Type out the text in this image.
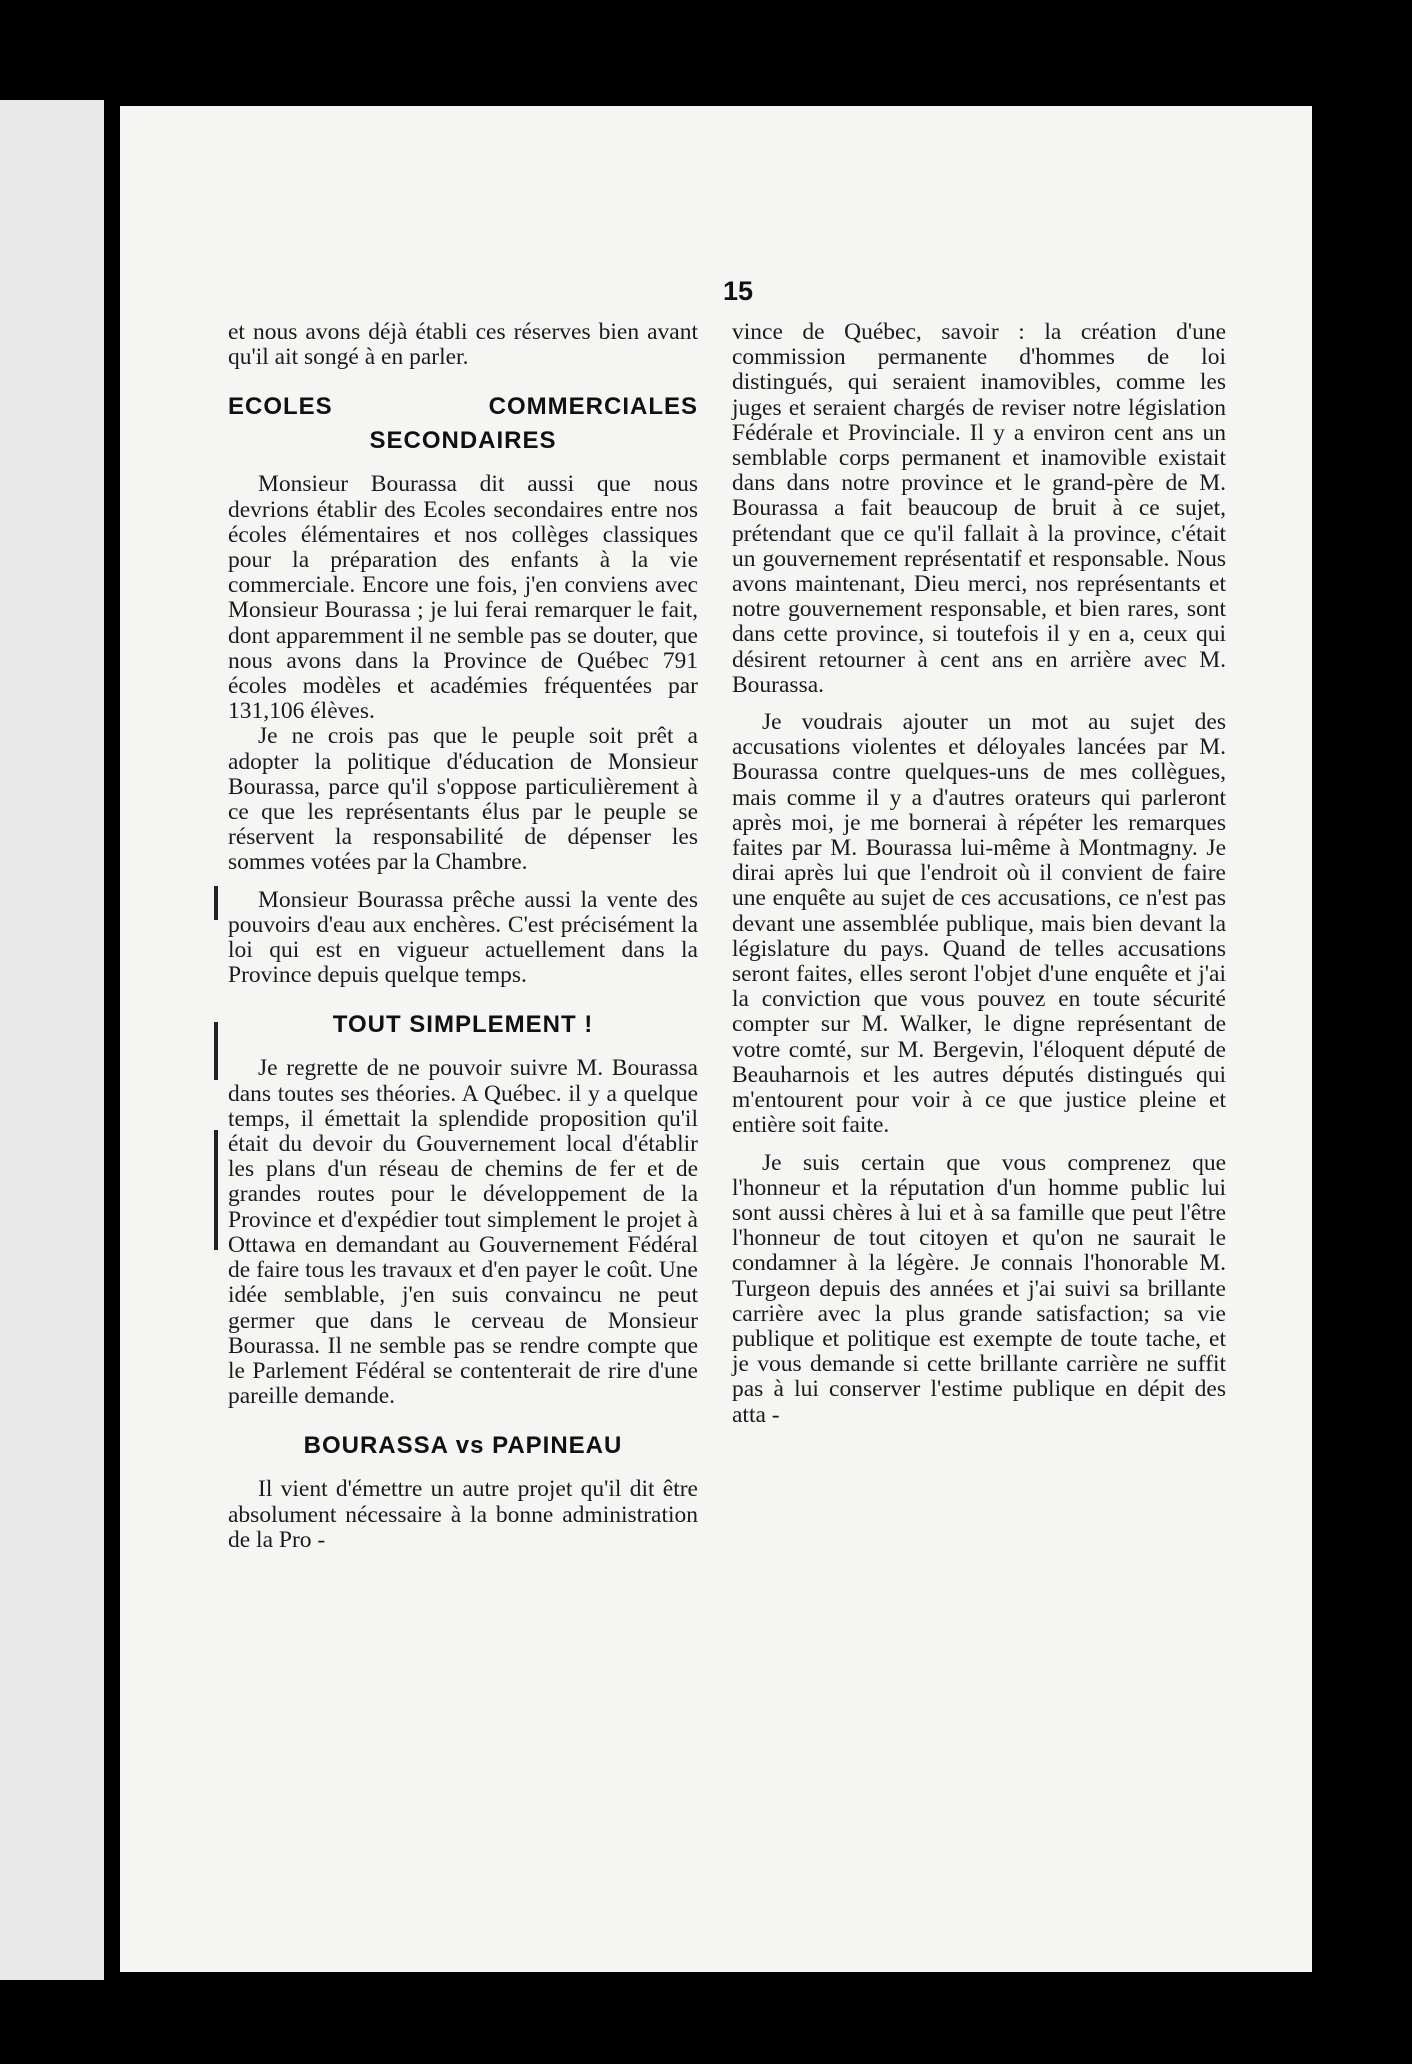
15

et nous avons déjà établi ces réserves bien avant qu'il ait songé à en parler.

ECOLES COMMERCIALES SECONDAIRES

Monsieur Bourassa dit aussi que nous devrions établir des Ecoles secondaires entre nos écoles élémentaires et nos collèges classiques pour la préparation des enfants à la vie commerciale. Encore une fois, j'en conviens avec Monsieur Bourassa ; je lui ferai remarquer le fait, dont apparemment il ne semble pas se douter, que nous avons dans la Province de Québec 791 écoles modèles et académies fréquentées par 131,106 élèves.

Je ne crois pas que le peuple soit prêt a adopter la politique d'éducation de Monsieur Bourassa, parce qu'il s'oppose particulièrement à ce que les représentants élus par le peuple se réservent la responsabilité de dépenser les sommes votées par la Chambre.

Monsieur Bourassa prêche aussi la vente des pouvoirs d'eau aux enchères. C'est précisément la loi qui est en vigueur actuellement dans la Province depuis quelque temps.

TOUT SIMPLEMENT !

Je regrette de ne pouvoir suivre M. Bourassa dans toutes ses théories. A Québec. il y a quelque temps, il émettait la splendide proposition qu'il était du devoir du Gouvernement local d'établir les plans d'un réseau de chemins de fer et de grandes routes pour le développement de la Province et d'expédier tout simplement le projet à Ottawa en demandant au Gouvernement Fédéral de faire tous les travaux et d'en payer le coût. Une idée semblable, j'en suis convaincu ne peut germer que dans le cerveau de Monsieur Bourassa. Il ne semble pas se rendre compte que le Parlement Fédéral se contenterait de rire d'une pareille demande.

BOURASSA vs PAPINEAU

Il vient d'émettre un autre projet qu'il dit être absolument nécessaire à la bonne administration de la Pro -

vince de Québec, savoir : la création d'une commission permanente d'hommes de loi distingués, qui seraient inamovibles, comme les juges et seraient chargés de reviser notre législation Fédérale et Provinciale. Il y a environ cent ans un semblable corps permanent et inamovible existait dans dans notre province et le grand-père de M. Bourassa a fait beaucoup de bruit à ce sujet, prétendant que ce qu'il fallait à la province, c'était un gouvernement représentatif et responsable. Nous avons maintenant, Dieu merci, nos représentants et notre gouvernement responsable, et bien rares, sont dans cette province, si toutefois il y en a, ceux qui désirent retourner à cent ans en arrière avec M. Bourassa.

Je voudrais ajouter un mot au sujet des accusations violentes et déloyales lancées par M. Bourassa contre quelques-uns de mes collègues, mais comme il y a d'autres orateurs qui parleront après moi, je me bornerai à répéter les remarques faites par M. Bourassa lui-même à Montmagny. Je dirai après lui que l'endroit où il convient de faire une enquête au sujet de ces accusations, ce n'est pas devant une assemblée publique, mais bien devant la législature du pays. Quand de telles accusations seront faites, elles seront l'objet d'une enquête et j'ai la conviction que vous pouvez en toute sécurité compter sur M. Walker, le digne représentant de votre comté, sur M. Bergevin, l'éloquent député de Beauharnois et les autres députés distingués qui m'entourent pour voir à ce que justice pleine et entière soit faite.

Je suis certain que vous comprenez que l'honneur et la réputation d'un homme public lui sont aussi chères à lui et à sa famille que peut l'être l'honneur de tout citoyen et qu'on ne saurait le condamner à la légère. Je connais l'honorable M. Turgeon depuis des années et j'ai suivi sa brillante carrière avec la plus grande satisfaction; sa vie publique et politique est exempte de toute tache, et je vous demande si cette brillante carrière ne suffit pas à lui conserver l'estime publique en dépit des atta -
